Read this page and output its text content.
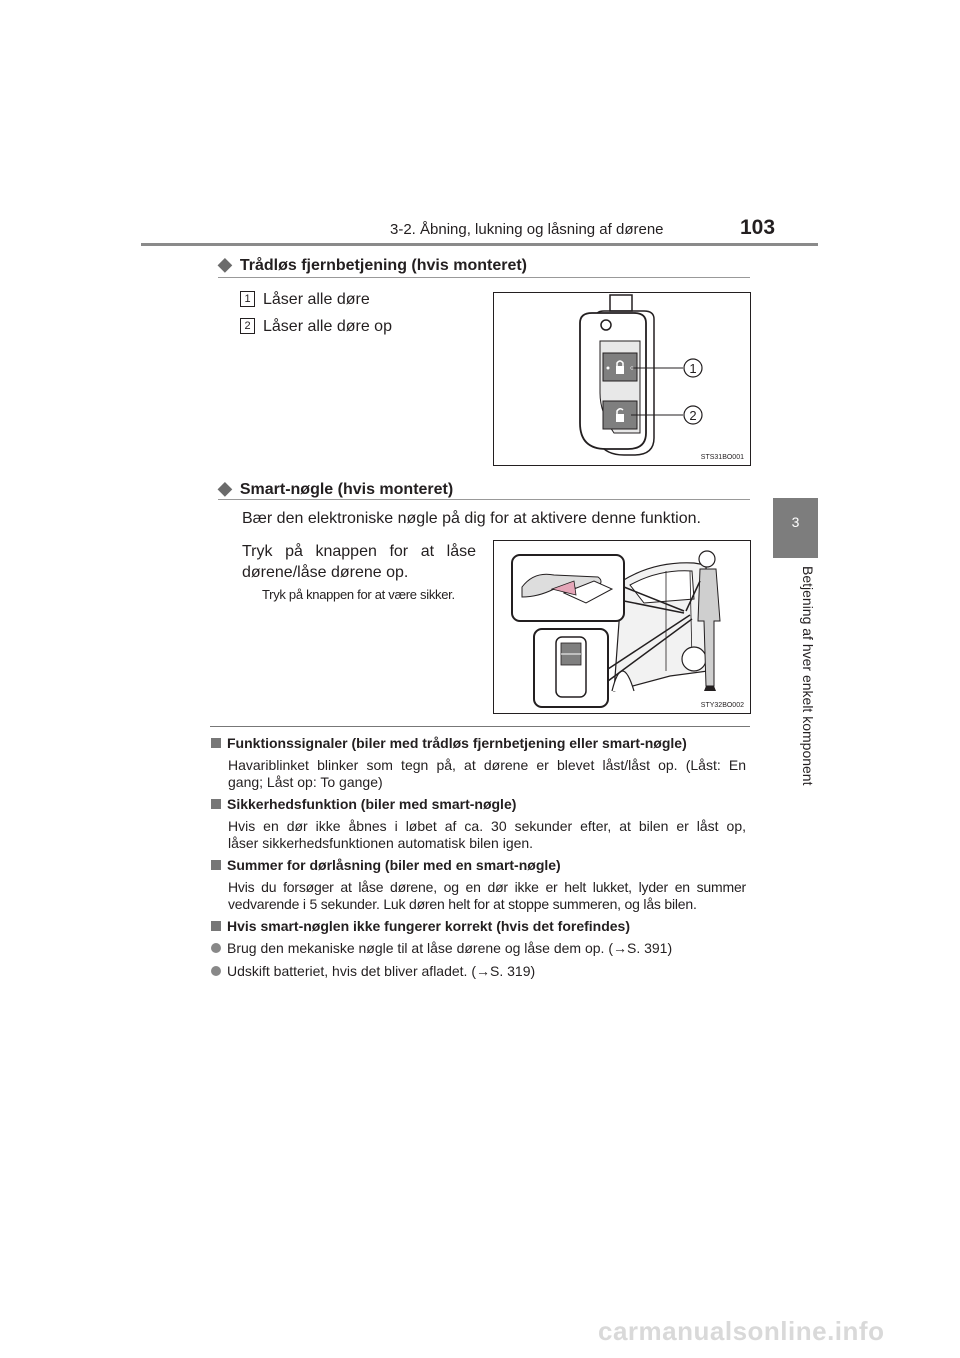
3-2. Åbning, lukning og låsning af dørene	103
3
Betjening af hver enkelt komponent
◆ Trådløs fjernbetjening (hvis monteret)
1 Låser alle døre
2 Låser alle døre op
1
2
STS31BO001
◆ Smart-nøgle (hvis monteret)
Bær den elektroniske nøgle på dig for at aktivere denne funktion.
Tryk på knappen for at låse
dørene/låse dørene op.
Tryk på knappen for at være sikker.
STY32BO002
Funktionssignaler (biler med trådløs fjernbetjening eller smart-nøgle)
Havariblinket blinker som tegn på, at dørene er blevet låst/låst op. (Låst: En
gang; Låst op: To gange)
Sikkerhedsfunktion (biler med smart-nøgle)
Hvis en dør ikke åbnes i løbet af ca. 30 sekunder efter, at bilen er låst op,
låser sikkerhedsfunktionen automatisk bilen igen.
Summer for dørlåsning (biler med en smart-nøgle)
Hvis du forsøger at låse dørene, og en dør ikke er helt lukket, lyder en summer
vedvarende i 5 sekunder. Luk døren helt for at stoppe summeren, og lås bilen.
Hvis smart-nøglen ikke fungerer korrekt (hvis det forefindes)
Brug den mekaniske nøgle til at låse dørene og låse dem op. (→S. 391)
Udskift batteriet, hvis det bliver afladet. (→S. 319)
carmanualsonline.info
